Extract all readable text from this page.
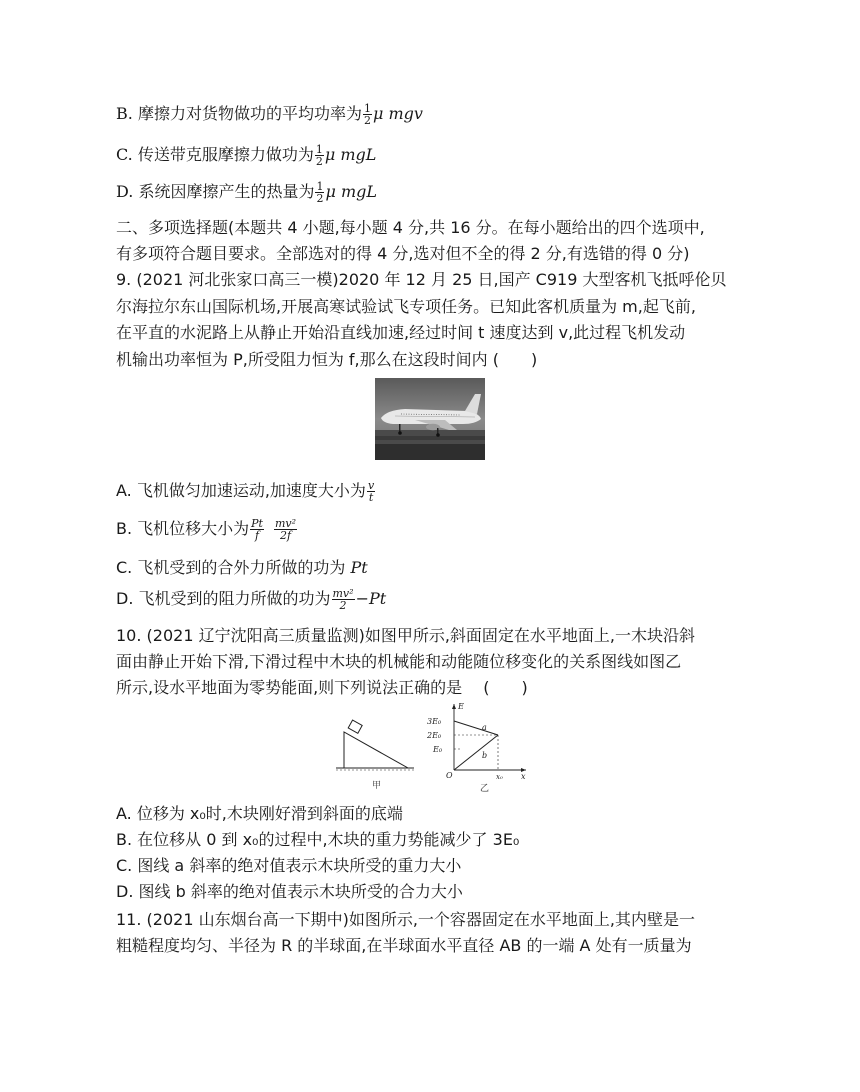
B. 摩擦力对货物做功的平均功率为 $\frac{1}{2}$ μ mgv
C. 传送带克服摩擦力做功为 $\frac{1}{2}$ μ mgL
D. 系统因摩擦产生的热量为 $\frac{1}{2}$ μ mgL
二、多项选择题(本题共 4 小题,每小题 4 分,共 16 分。在每小题给出的四个选项中,
有多项符合题目要求。全部选对的得 4 分,选对但不全的得 2 分,有选错的得 0 分)
9. (2021 河北张家口高三一模)2020 年 12 月 25 日,国产 C919 大型客机飞抵呼伦贝
尔海拉尔东山国际机场,开展高寒试验试飞专项任务。已知此客机质量为 m,起飞前,
在平直的水泥路上从静止开始沿直线加速,经过时间 t 速度达到 v,此过程飞机发动
机输出功率恒为 P,所受阻力恒为 f,那么在这段时间内 (　　)
A. 飞机做匀加速运动,加速度大小为 $\frac{v}{t}$
B. 飞机位移大小为 $\frac{Pt}{f} \frac{\text{mv²}}{2f}$
C. 飞机受到的合外力所做的功为 Pt
D. 飞机受到的阻力所做的功为 $\frac{\text{mv²}}{2} -Pt$
10. (2021 辽宁沈阳高三质量监测)如图甲所示,斜面固定在水平地面上,一木块沿斜
面由静止开始下滑,下滑过程中木块的机械能和动能随位移变化的关系图线如图乙
所示,设水平地面为零势能面,则下列说法正确的是　 (　　)
甲
E
3E₀
2E₀
E₀
O	x₀ x
a
b
乙
A. 位移为 x₀时,木块刚好滑到斜面的底端
B. 在位移从 0 到 x₀的过程中,木块的重力势能减少了 3E₀
C. 图线 a 斜率的绝对值表示木块所受的重力大小
D. 图线 b 斜率的绝对值表示木块所受的合力大小
11. (2021 山东烟台高一下期中)如图所示,一个容器固定在水平地面上,其内壁是一
粗糙程度均匀、半径为 R 的半球面,在半球面水平直径 AB 的一端 A 处有一质量为
